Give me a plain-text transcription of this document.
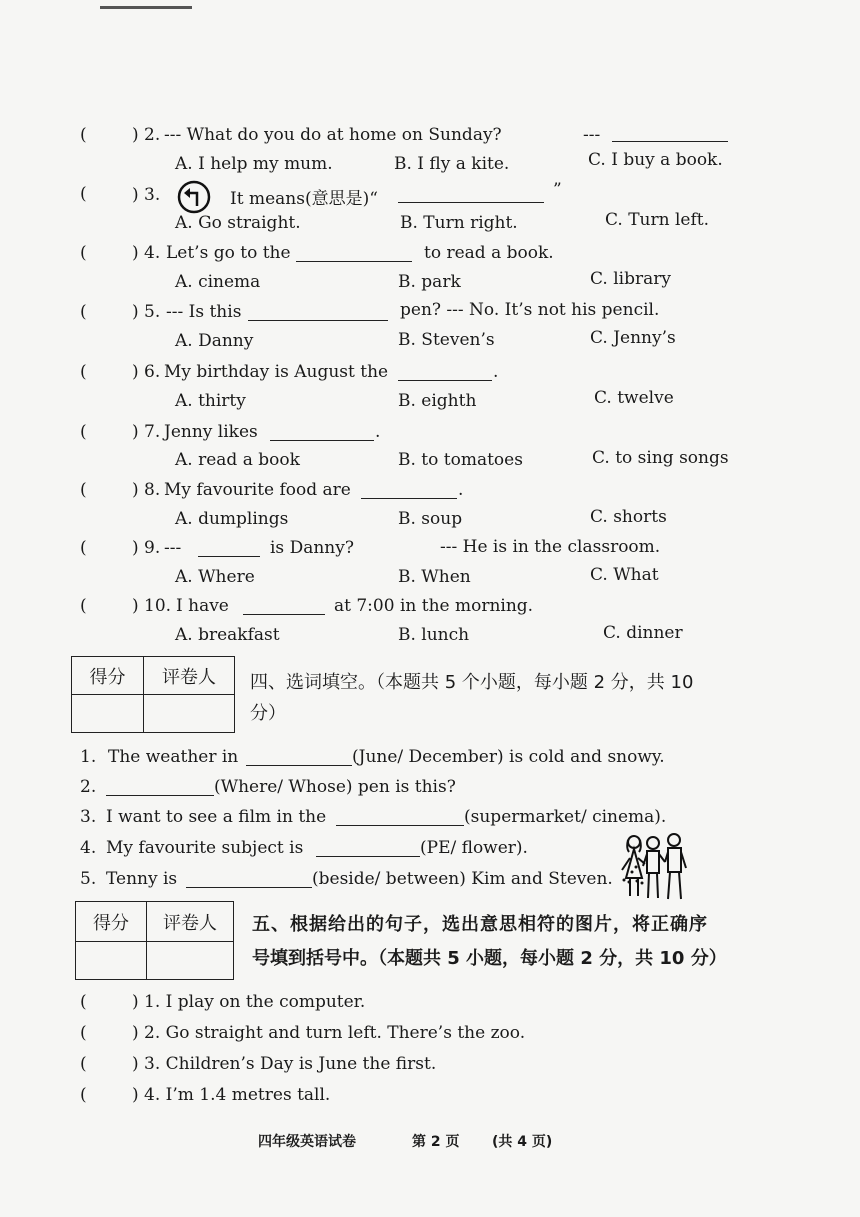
(	) 2. --- What do you do at home on Sunday?	---
A. I help my mum.	B. I fly a kite.	C. I buy a book.
(	) 3.	It means(意思是)“	”
A. Go straight.	B. Turn right.	C. Turn left.
(	) 4. Let’s go to the	to read a book.
A. cinema	B. park	C. library
(	) 5. --- Is this	pen? --- No. It’s not his pencil.
A. Danny	B. Steven’s	C. Jenny’s
(	) 6. My birthday is August the	.
A. thirty	B. eighth	C. twelve
(	) 7. Jenny likes	.
A. read a book	B. to tomatoes	C. to sing songs
(	) 8. My favourite food are	.
A. dumplings	B. soup	C. shorts
(	) 9. ---	is Danny?	--- He is in the classroom.
A. Where	B. When	C. What
(	) 10. I have	at 7:00 in the morning.
A. breakfast	B. lunch	C. dinner
得分	评卷人
	四、选词填空。（本题共 5 个小题，每小题 2 分，共 10
分）
1. The weather in	(June/ December) is cold and snowy.
2.	(Where/ Whose) pen is this?
3. I want to see a film in the	(supermarket/ cinema).
4. My favourite subject is	(PE/ flower).
5. Tenny is	(beside/ between) Kim and Steven.
得分	评卷人
	五、根据给出的句子，选出意思相符的图片，将正确序
号填到括号中。（本题共 5 小题，每小题 2 分，共 10 分）
(	) 1. I play on the computer.
(	) 2. Go straight and turn left. There’s the zoo.
(	) 3. Children’s Day is June the first.
(	) 4. I’m 1.4 metres tall.
四年级英语试卷	第 2 页 (共 4 页)
